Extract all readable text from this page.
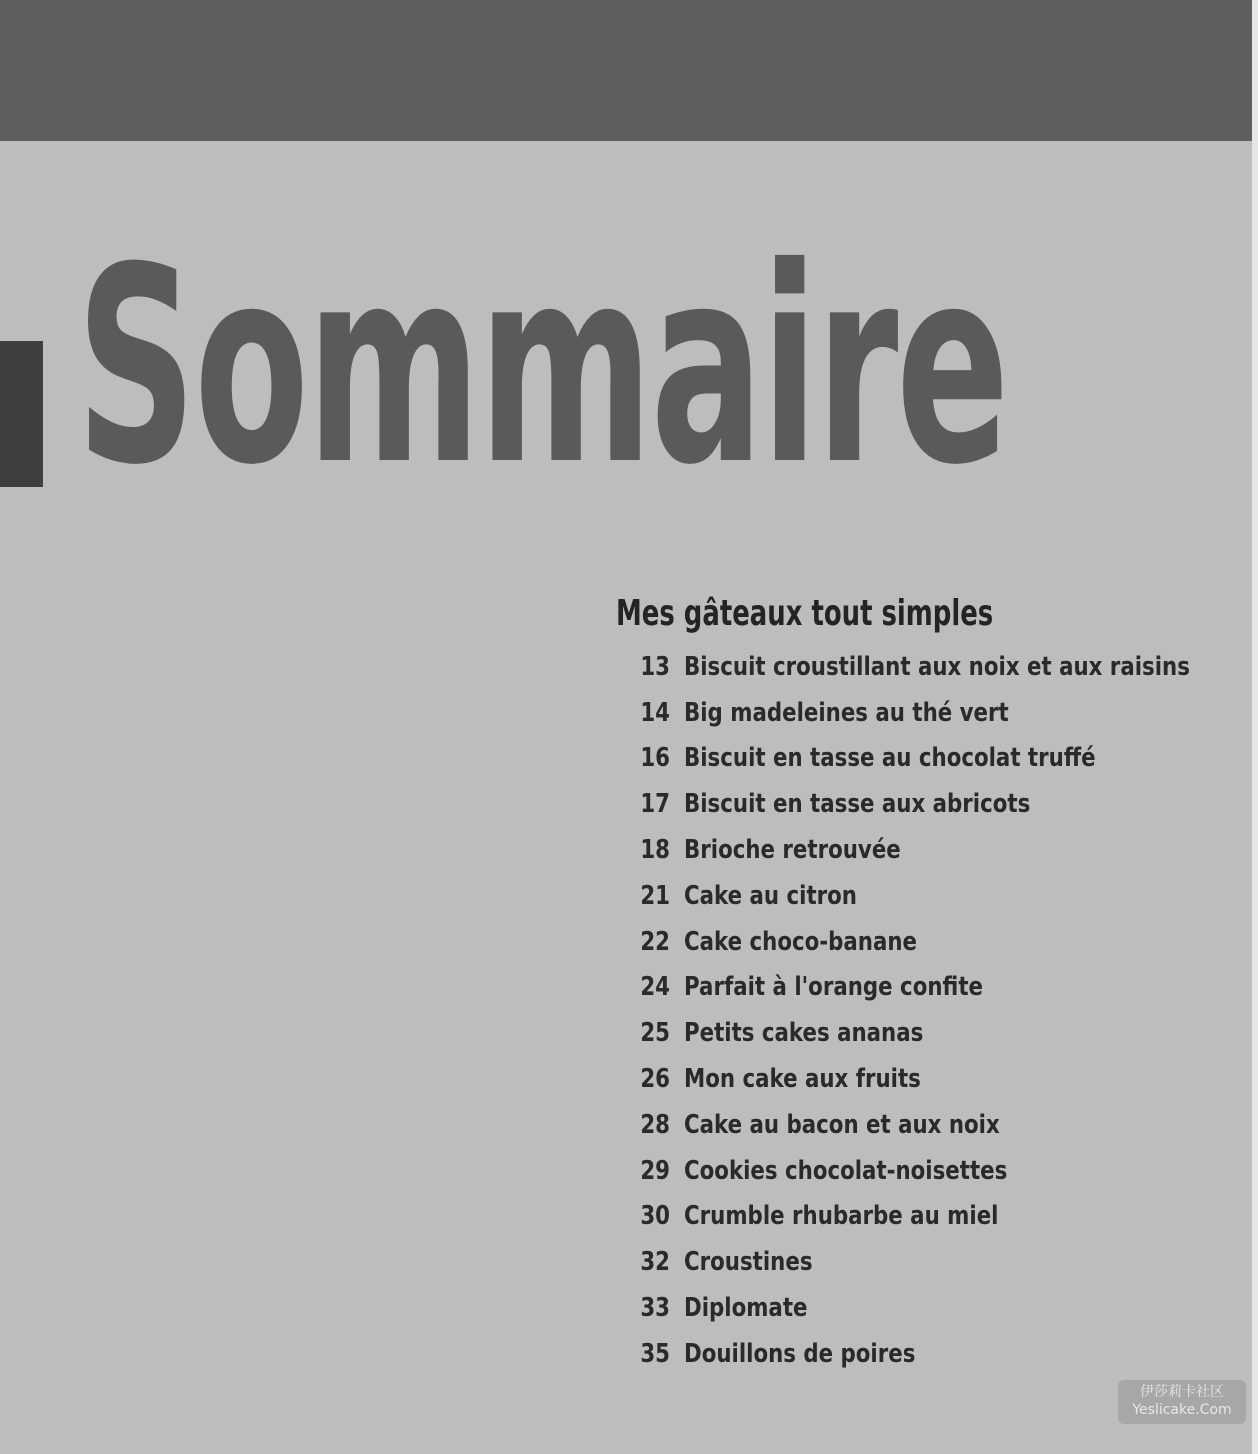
Sommaire
Mes gâteaux tout simples
13 Biscuit croustillant aux noix et aux raisins
14 Big madeleines au thé vert
16 Biscuit en tasse au chocolat truffé
17 Biscuit en tasse aux abricots
18 Brioche retrouvée
21 Cake au citron
22 Cake choco-banane
24 Parfait à l'orange confite
25 Petits cakes ananas
26 Mon cake aux fruits
28 Cake au bacon et aux noix
29 Cookies chocolat-noisettes
30 Crumble rhubarbe au miel
32 Croustines
33 Diplomate
35 Douillons de poires
伊莎莉卡社区
Yeslicake.Com
